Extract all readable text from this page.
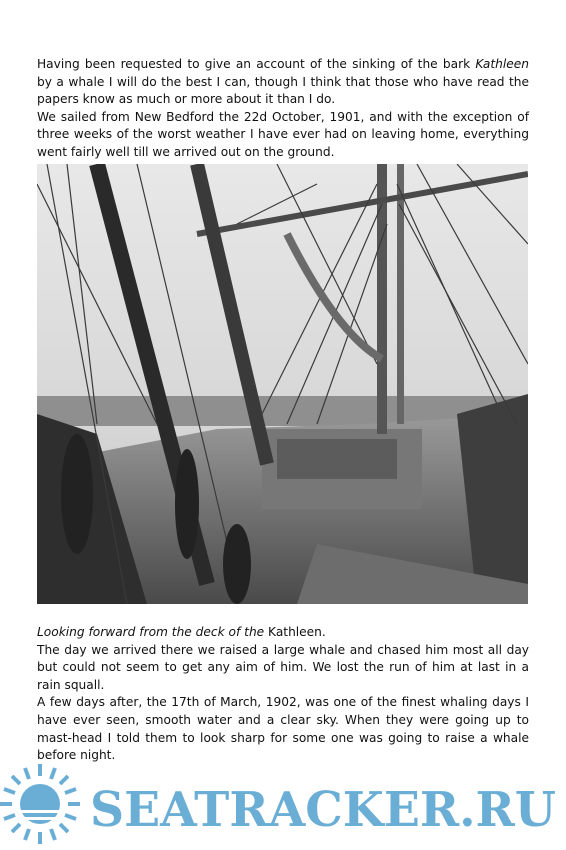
Having been requested to give an account of the sinking of the bark Kathleen by a whale I will do the best I can, though I think that those who have read the papers know as much or more about it than I do.

We sailed from New Bedford the 22d October, 1901, and with the exception of three weeks of the worst weather I have ever had on leaving home, everything went fairly well till we arrived out on the ground.

Looking forward from the deck of the Kathleen.

The day we arrived there we raised a large whale and chased him most all day but could not seem to get any aim of him. We lost the run of him at last in a rain squall.

A few days after, the 17th of March, 1902, was one of the finest whaling days I have ever seen, smooth water and a clear sky. When they were going up to mast-head I told them to look sharp for some one was going to raise a whale before night.

SEATRACKER.RU
